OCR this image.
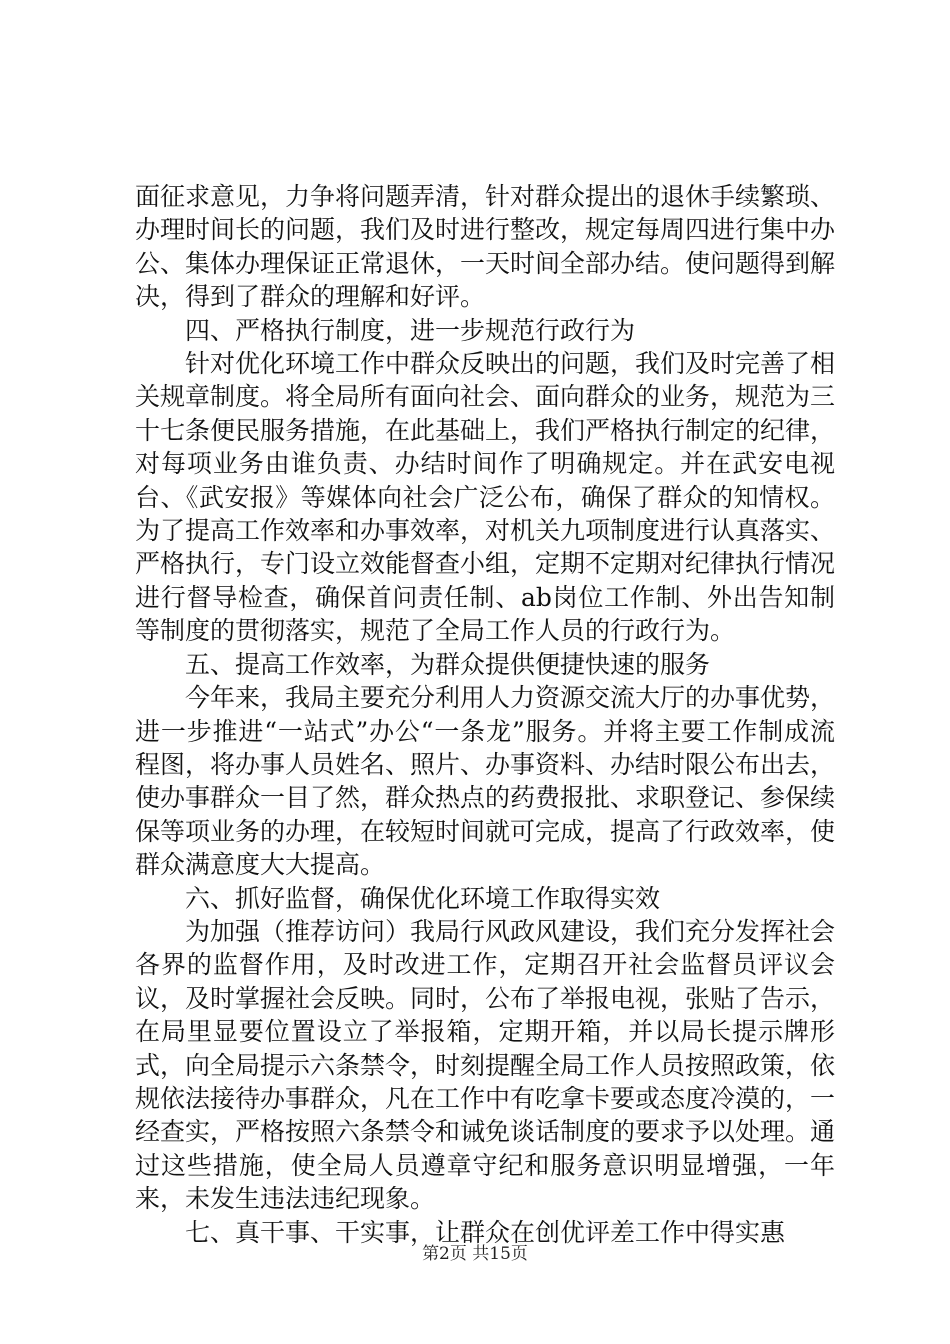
面征求意见，力争将问题弄清，针对群众提出的退休手续繁琐、办理时间长的问题，我们及时进行整改，规定每周四进行集中办公、集体办理保证正常退休，一天时间全部办结。使问题得到解决，得到了群众的理解和好评。

四、严格执行制度，进一步规范行政行为

针对优化环境工作中群众反映出的问题，我们及时完善了相关规章制度。将全局所有面向社会、面向群众的业务，规范为三十七条便民服务措施，在此基础上，我们严格执行制定的纪律，对每项业务由谁负责、办结时间作了明确规定。并在武安电视台、《武安报》等媒体向社会广泛公布，确保了群众的知情权。为了提高工作效率和办事效率，对机关九项制度进行认真落实、严格执行，专门设立效能督查小组，定期不定期对纪律执行情况进行督导检查，确保首问责任制、ab岗位工作制、外出告知制等制度的贯彻落实，规范了全局工作人员的行政行为。

五、提高工作效率，为群众提供便捷快速的服务

今年来，我局主要充分利用人力资源交流大厅的办事优势，进一步推进“一站式”办公“一条龙”服务。并将主要工作制成流程图，将办事人员姓名、照片、办事资料、办结时限公布出去，使办事群众一目了然，群众热点的药费报批、求职登记、参保续保等项业务的办理，在较短时间就可完成，提高了行政效率，使群众满意度大大提高。

六、抓好监督，确保优化环境工作取得实效

为加强（推荐访问）我局行风政风建设，我们充分发挥社会各界的监督作用，及时改进工作，定期召开社会监督员评议会议，及时掌握社会反映。同时，公布了举报电视，张贴了告示，在局里显要位置设立了举报箱，定期开箱，并以局长提示牌形式，向全局提示六条禁令，时刻提醒全局工作人员按照政策，依规依法接待办事群众，凡在工作中有吃拿卡要或态度冷漠的，一经查实，严格按照六条禁令和诫免谈话制度的要求予以处理。通过这些措施，使全局人员遵章守纪和服务意识明显增强，一年来，未发生违法违纪现象。

七、真干事、干实事，让群众在创优评差工作中得实惠

第2页 共15页
